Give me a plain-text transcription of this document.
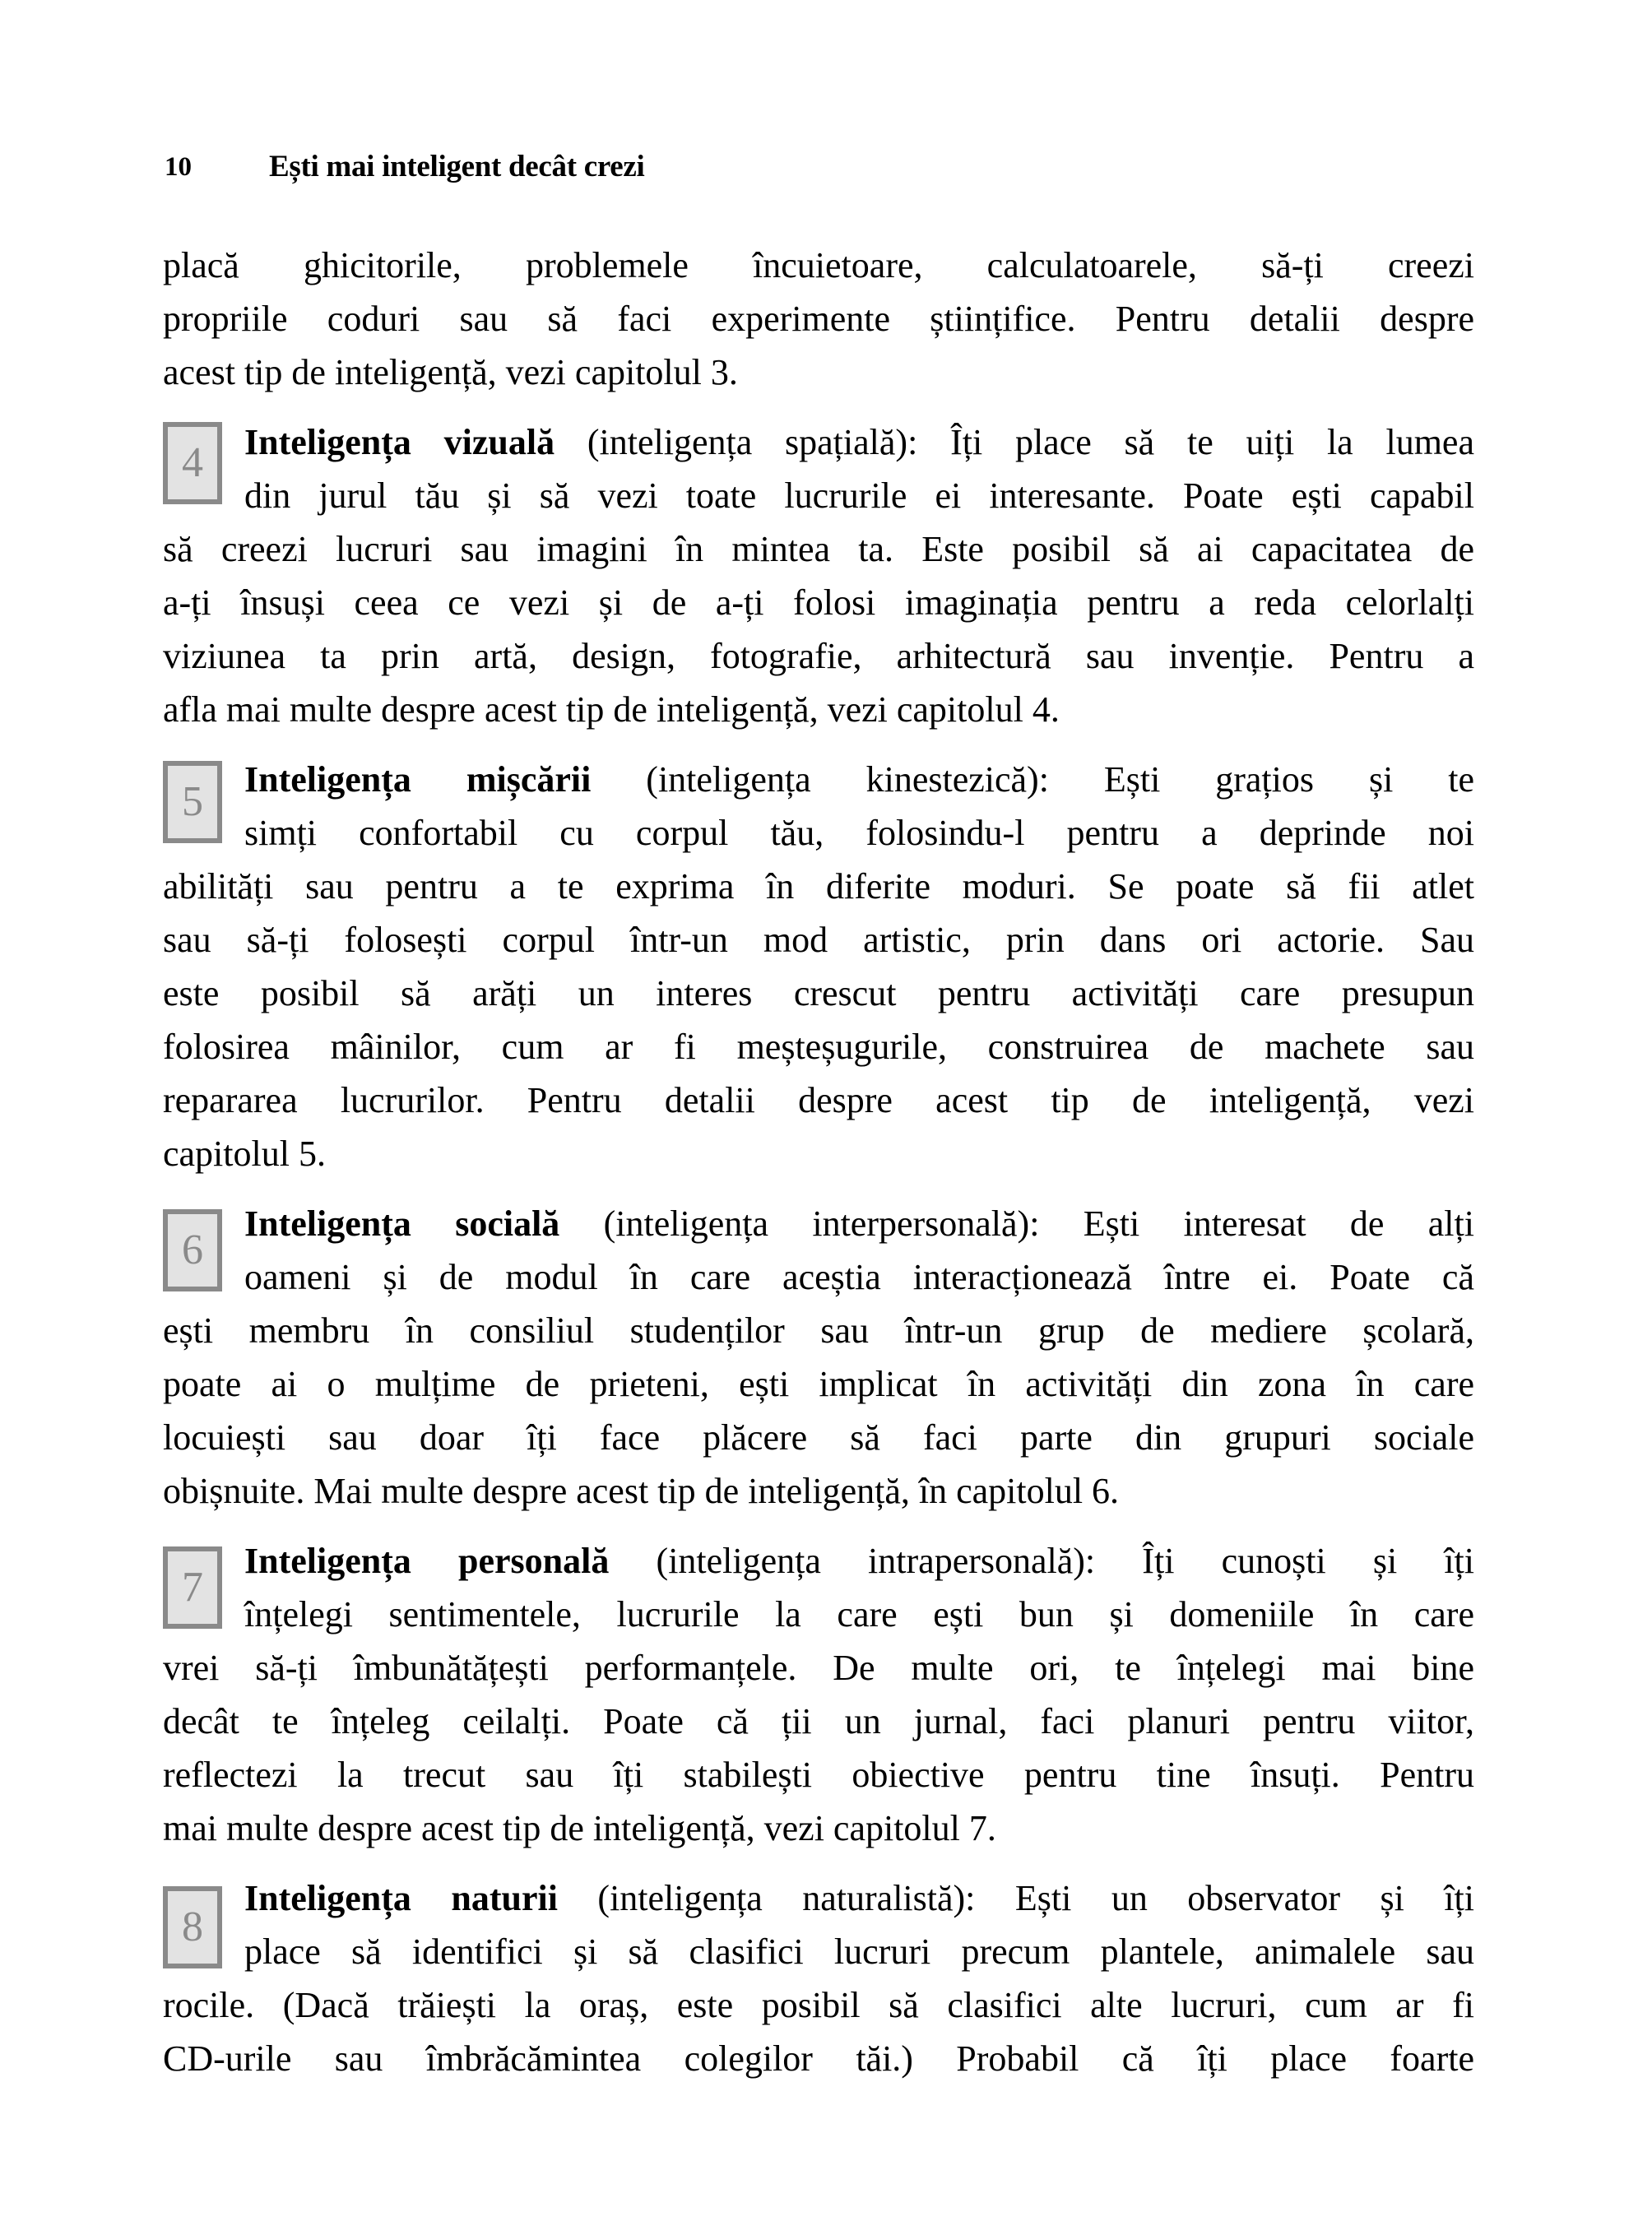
10	Ești mai inteligent decât crezi
placă ghicitorile, problemele încuietoare, calculatoarele, să-ți creezi
propriile coduri sau să faci experimente științifice. Pentru detalii despre
acest tip de inteligență, vezi capitolul 3.
4	Inteligența vizuală (inteligența spațială): Îți place să te uiți la lumea
din jurul tău și să vezi toate lucrurile ei interesante. Poate ești capabil
să creezi lucruri sau imagini în mintea ta. Este posibil să ai capacitatea de
a-ți însuși ceea ce vezi și de a-ți folosi imaginația pentru a reda celorlalți
viziunea ta prin artă, design, fotografie, arhitectură sau invenție. Pentru a
afla mai multe despre acest tip de inteligență, vezi capitolul 4.
5	Inteligența mișcării (inteligența kinestezică): Ești grațios și te
simți confortabil cu corpul tău, folosindu-l pentru a deprinde noi
abilități sau pentru a te exprima în diferite moduri. Se poate să fii atlet
sau să-ți folosești corpul într-un mod artistic, prin dans ori actorie. Sau
este posibil să arăți un interes crescut pentru activități care presupun
folosirea mâinilor, cum ar fi meșteșugurile, construirea de machete sau
repararea lucrurilor. Pentru detalii despre acest tip de inteligență, vezi
capitolul 5.
6
Inteligența socială (inteligența interpersonală): Ești interesat de alți
oameni și de modul în care aceștia interacționează între ei. Poate că
ești membru în consiliul studenților sau într-un grup de mediere școlară,
poate ai o mulțime de prieteni, ești implicat în activități din zona în care
locuiești sau doar îți face plăcere să faci parte din grupuri sociale
obișnuite. Mai multe despre acest tip de inteligență, în capitolul 6.
7
Inteligența personală (inteligența intrapersonală): Îți cunoști și îți
înțelegi sentimentele, lucrurile la care ești bun și domeniile în care
vrei să-ți îmbunătățești performanțele. De multe ori, te înțelegi mai bine
decât te înțeleg ceilalți. Poate că ții un jurnal, faci planuri pentru viitor,
reflectezi la trecut sau îți stabilești obiective pentru tine însuți. Pentru
mai multe despre acest tip de inteligență, vezi capitolul 7.
8
Inteligența naturii (inteligența naturalistă): Ești un observator și îți
place să identifici și să clasifici lucruri precum plantele, animalele sau
rocile. (Dacă trăiești la oraș, este posibil să clasifici alte lucruri, cum ar fi
CD-urile sau îmbrăcămintea colegilor tăi.) Probabil că îți place foarte
